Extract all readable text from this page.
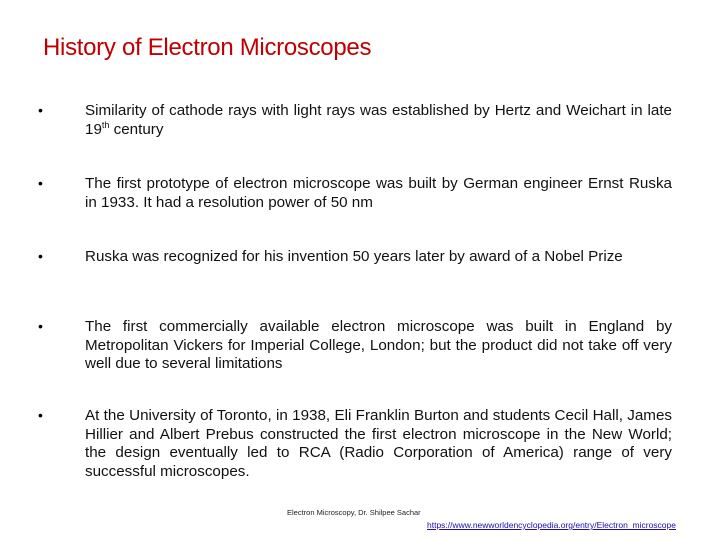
History of Electron Microscopes
•	Similarity of cathode rays with light rays was established by Hertz and Weichart in late 19th century
•	The first prototype of electron microscope was built by German engineer Ernst Ruska in 1933. It had a resolution power of 50 nm
•	Ruska was recognized for his invention 50 years later by award of a Nobel Prize
•	The first commercially available electron microscope was built in England by Metropolitan Vickers for Imperial College, London; but the product did not take off very well due to several limitations
•	At the University of Toronto, in 1938, Eli Franklin Burton and students Cecil Hall, James Hillier and Albert Prebus constructed the first electron microscope in the New World; the design eventually led to RCA (Radio Corporation of America) range of very successful microscopes.
Electron Microscopy, Dr. Shilpee Sachar
https://www.newworldencyclopedia.org/entry/Electron_microscope
